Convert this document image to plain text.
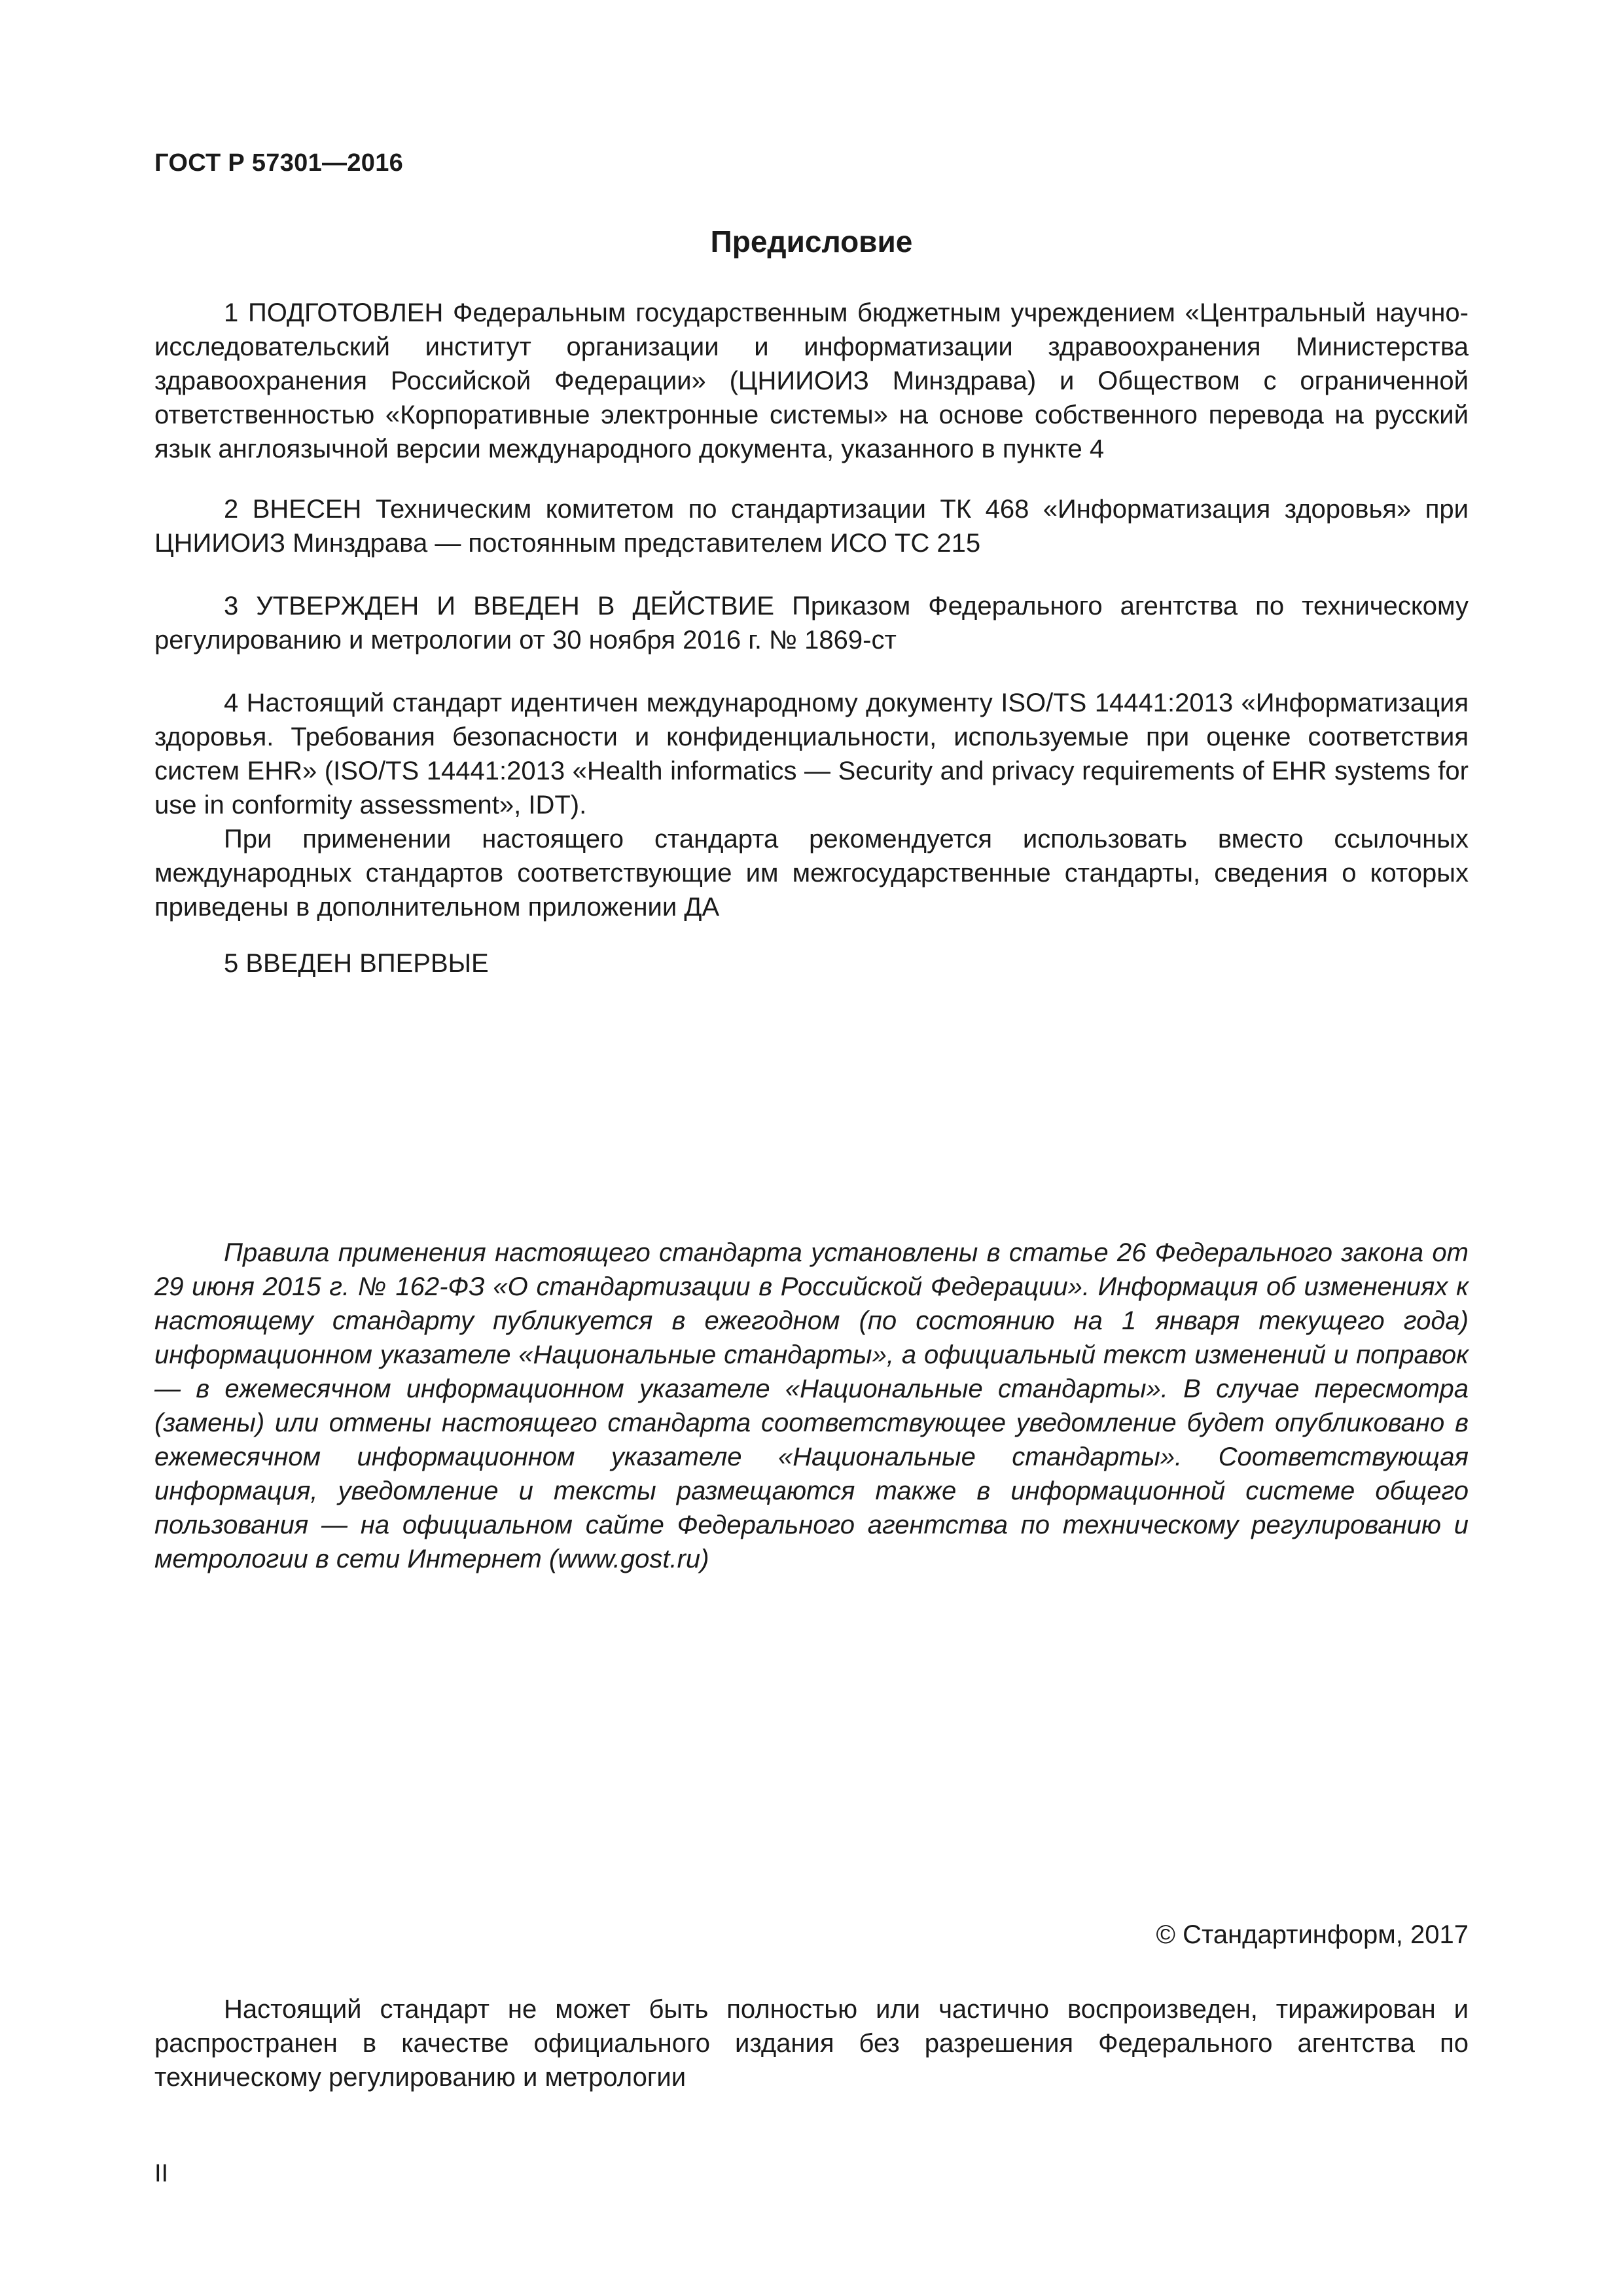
ГОСТ Р 57301—2016
Предисловие

1 ПОДГОТОВЛЕН Федеральным государственным бюджетным учреждением «Центральный научно-исследовательский институт организации и информатизации здравоохранения Министерства здравоохранения Российской Федерации» (ЦНИИОИЗ Минздрава) и Обществом с ограниченной ответственностью «Корпоративные электронные системы» на основе собственного перевода на русский язык англоязычной версии международного документа, указанного в пункте 4

2 ВНЕСЕН Техническим комитетом по стандартизации ТК 468 «Информатизация здоровья» при ЦНИИОИЗ Минздрава — постоянным представителем ИСО ТС 215

3 УТВЕРЖДЕН И ВВЕДЕН В ДЕЙСТВИЕ Приказом Федерального агентства по техническому регулированию и метрологии от 30 ноября 2016 г. № 1869-ст

4 Настоящий стандарт идентичен международному документу ISO/TS 14441:2013 «Информатизация здоровья. Требования безопасности и конфиденциальности, используемые при оценке соответствия систем EHR» (ISO/TS 14441:2013 «Health informatics — Security and privacy requirements of EHR systems for use in conformity assessment», IDT).

При применении настоящего стандарта рекомендуется использовать вместо ссылочных международных стандартов соответствующие им межгосударственные стандарты, сведения о которых приведены в дополнительном приложении ДА

5 ВВЕДЕН ВПЕРВЫЕ

Правила применения настоящего стандарта установлены в статье 26 Федерального закона от 29 июня 2015 г. № 162-ФЗ «О стандартизации в Российской Федерации». Информация об изменениях к настоящему стандарту публикуется в ежегодном (по состоянию на 1 января текущего года) информационном указателе «Национальные стандарты», а официальный текст изменений и поправок — в ежемесячном информационном указателе «Национальные стандарты». В случае пересмотра (замены) или отмены настоящего стандарта соответствующее уведомление будет опубликовано в ежемесячном информационном указателе «Национальные стандарты». Соответствующая информация, уведомление и тексты размещаются также в информационной системе общего пользования — на официальном сайте Федерального агентства по техническому регулированию и метрологии в сети Интернет (www.gost.ru)

© Стандартинформ, 2017

Настоящий стандарт не может быть полностью или частично воспроизведен, тиражирован и распространен в качестве официального издания без разрешения Федерального агентства по техническому регулированию и метрологии

II
